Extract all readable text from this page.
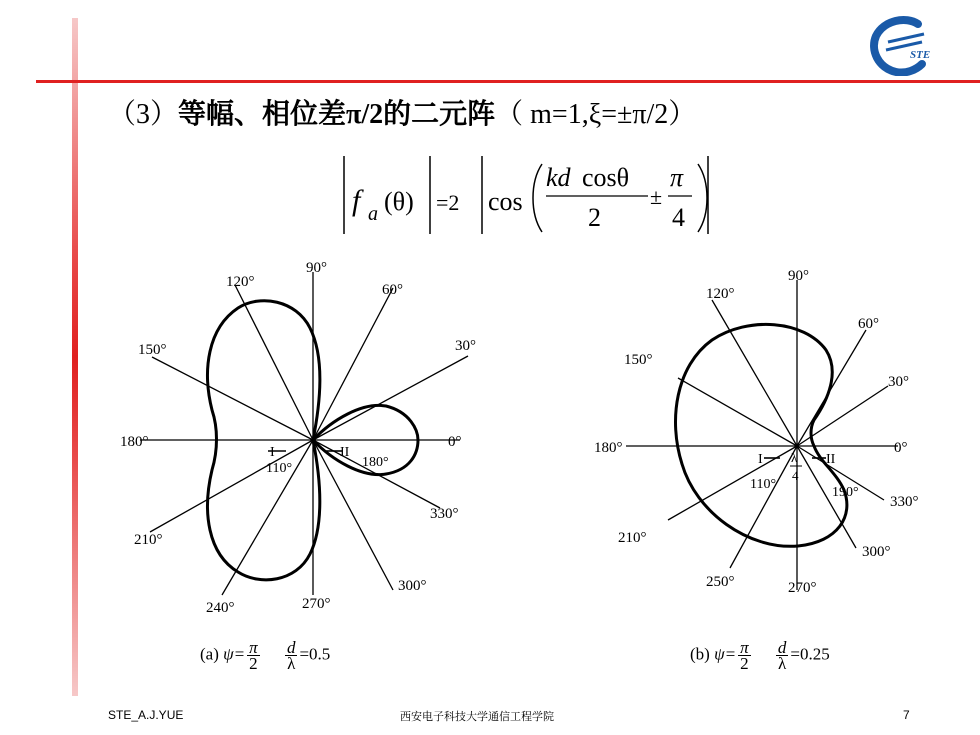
STE
（3）等幅、相位差π/2的二元阵（ m=1,ξ=±π/2）
f a (θ) =2 cos
kd cosθ
2
±
π
4
120°
90°
60°
150°	30°
180°	0°
210°
330°
240°	270°
300°
I	II
110°	180°
(a) $\psi= \frac{\pi}{2}$
$\frac{d}{\lambda} =0.5$
120°
90°
60°
150°
30°
180°	0°
210°
330°
250°	270°
300°
I	II
110°
190°
λ
4
(b) $\psi= \frac{\pi}{2}$
$\frac{d}{\lambda} =0.25$
STE_A.J.YUE	西安电子科技大学通信工程学院	7
